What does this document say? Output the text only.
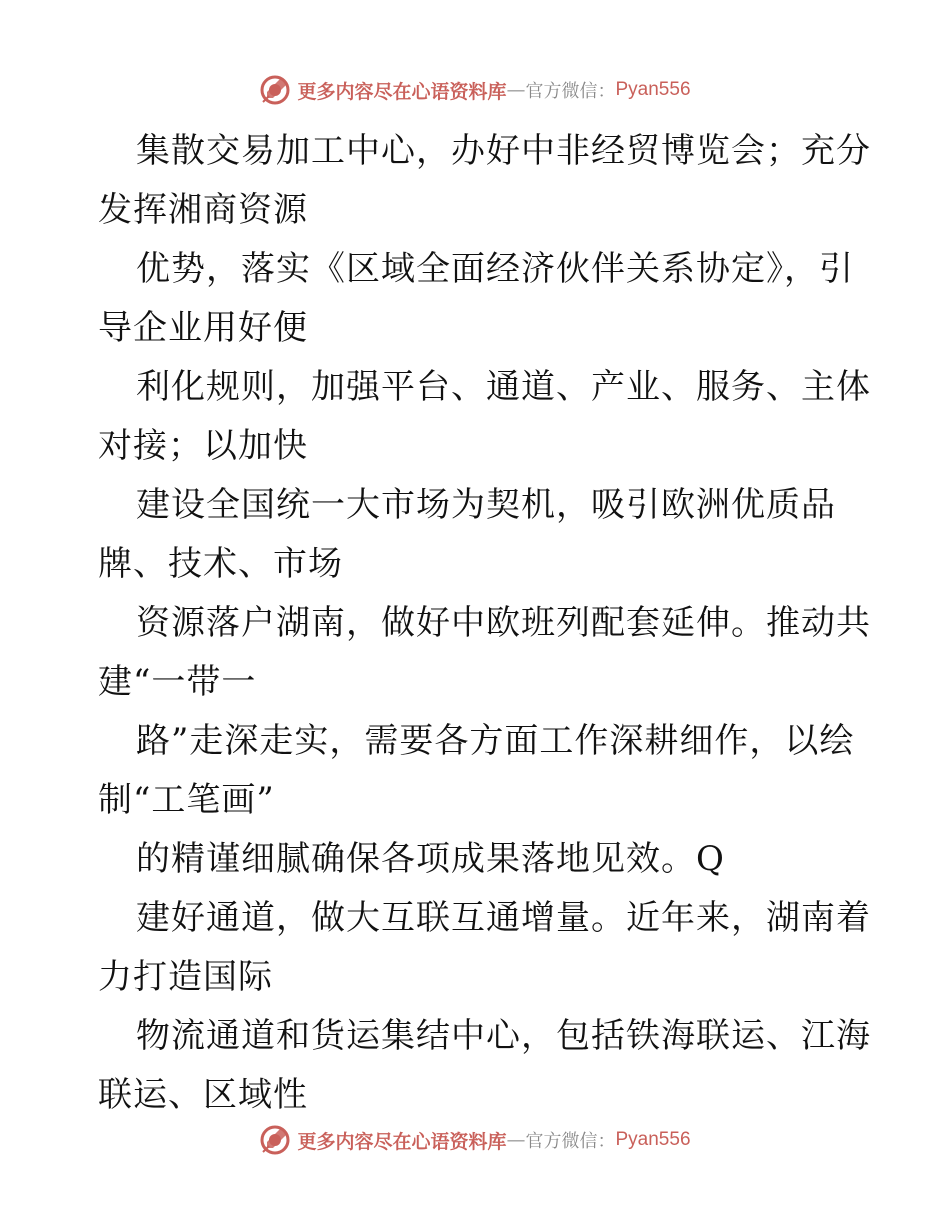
更多内容尽在心语资料库 — 官方微信： Pyan556
集散交易加工中心，办好中非经贸博览会；充分
发挥湘商资源
优势，落实《区域全面经济伙伴关系协定》，引
导企业用好便
利化规则，加强平台、通道、产业、服务、主体
对接；以加快
建设全国统一大市场为契机，吸引欧洲优质品
牌、技术、市场
资源落户湖南，做好中欧班列配套延伸。推动共
建“一带一
路”走深走实，需要各方面工作深耕细作，以绘
制“工笔画”
的精谨细腻确保各项成果落地见效。Q
建好通道，做大互联互通增量。近年来，湖南着
力打造国际
物流通道和货运集结中心，包括铁海联运、江海
联运、区域性
更多内容尽在心语资料库 — 官方微信： Pyan556
